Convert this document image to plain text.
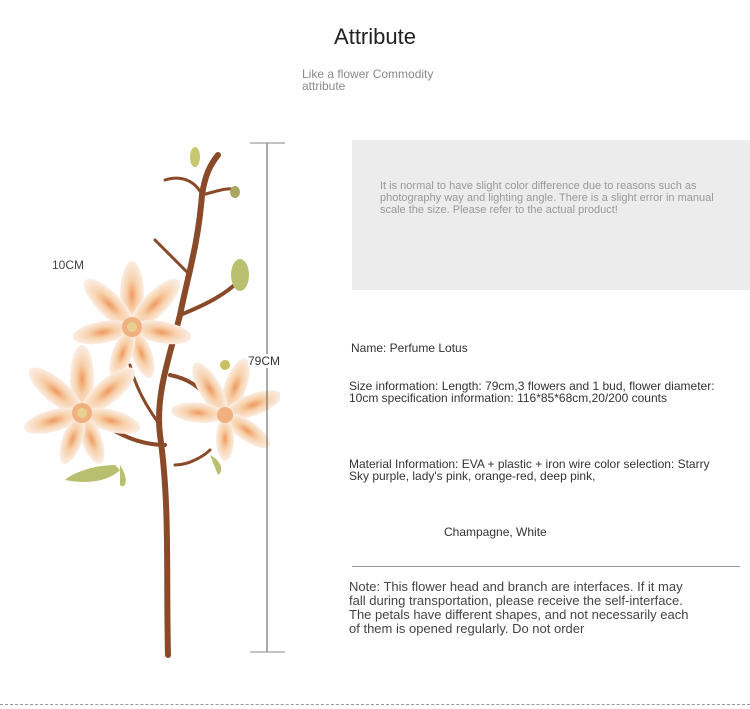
Attribute
Like a flower Commodity attribute
10CM
79CM
It is normal to have slight color difference due to reasons such as photography way and lighting angle. There is a slight error in manual scale the size. Please refer to the actual product!
Name: Perfume Lotus
Size information: Length: 79cm,3 flowers and 1 bud, flower diameter: 10cm specification information: 116*85*68cm,20/200 counts
Material Information: EVA + plastic + iron wire color selection: Starry Sky purple, lady's pink, orange-red, deep pink,
Champagne, White
Note: This flower head and branch are interfaces. If it may fall during transportation, please receive the self-interface. The petals have different shapes, and not necessarily each of them is opened regularly. Do not order
